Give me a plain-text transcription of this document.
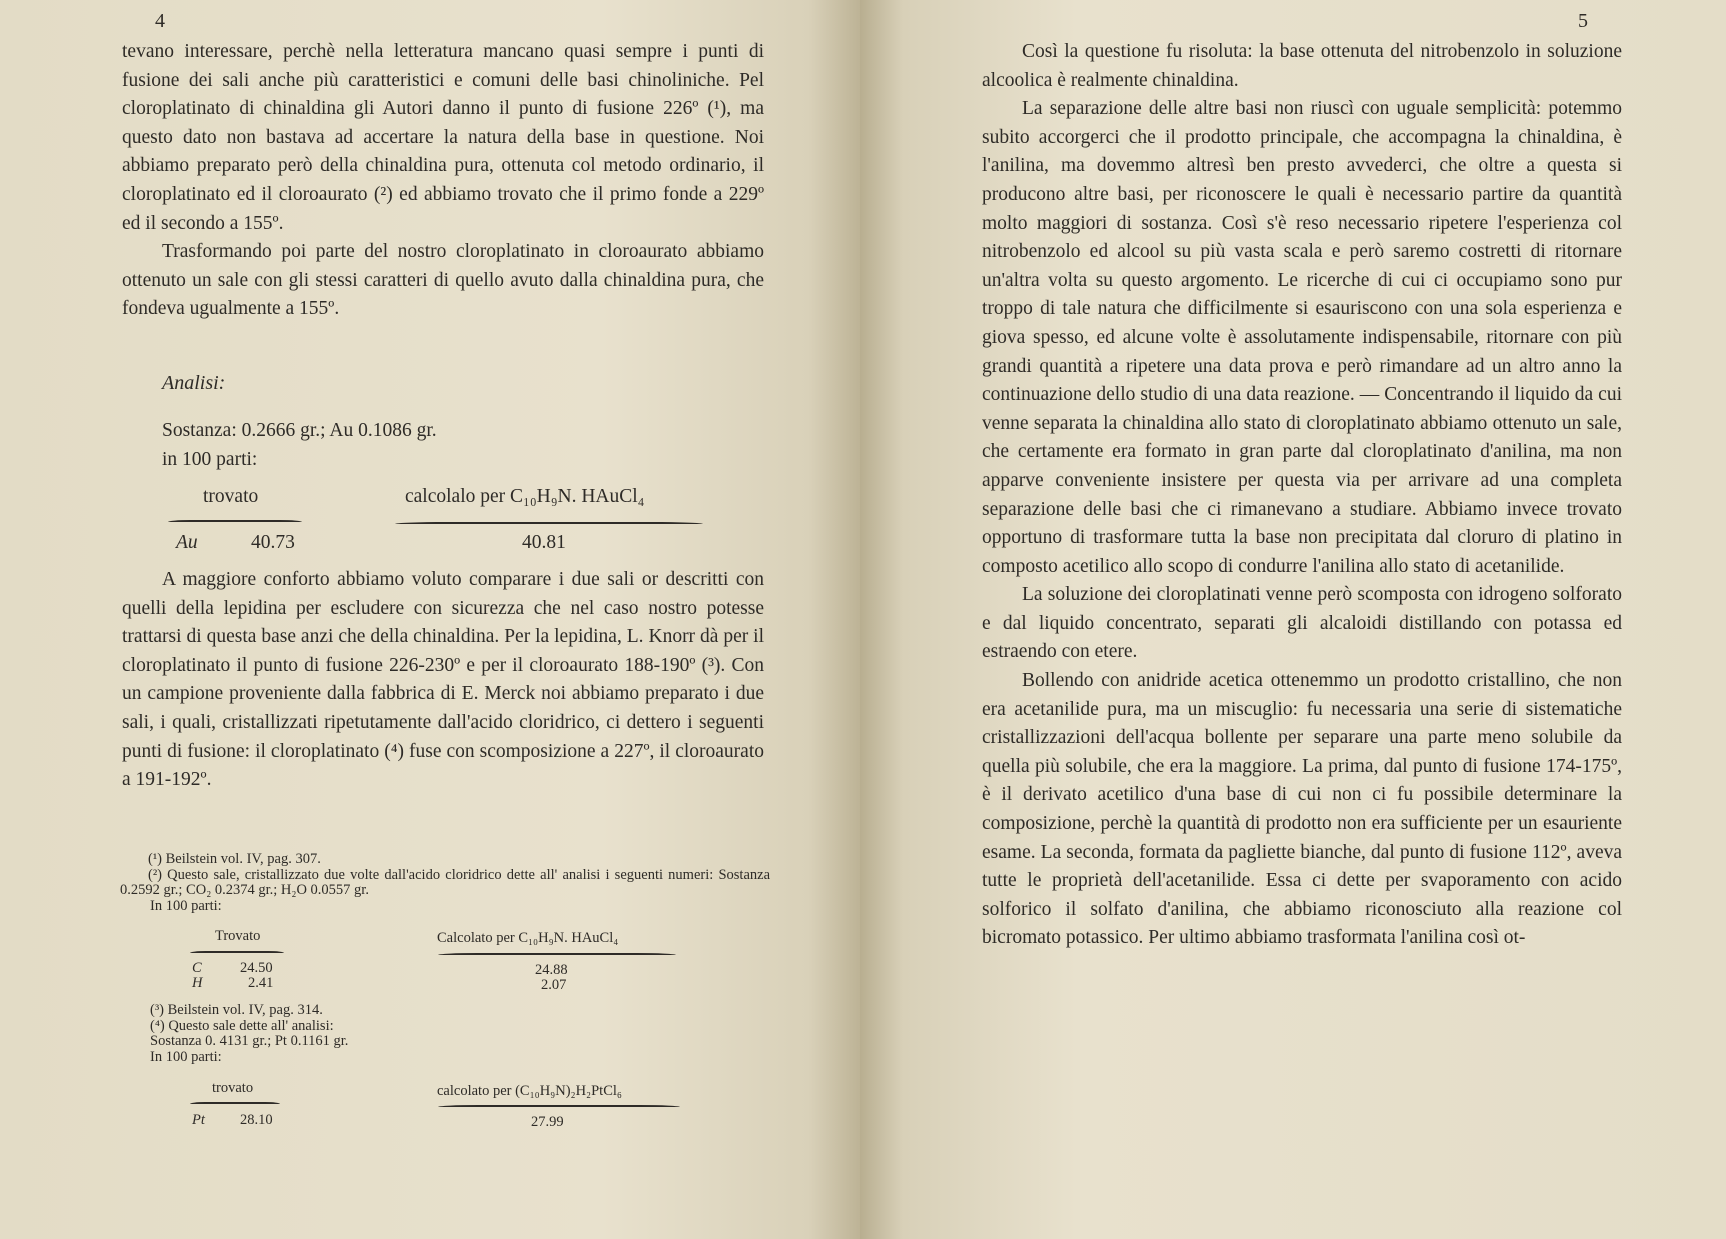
4

tevano interessare, perchè nella letteratura mancano quasi sempre i punti di fusione dei sali anche più caratteristici e comuni delle basi chinoliniche. Pel cloroplatinato di chinaldina gli Autori danno il punto di fusione 226º (¹), ma questo dato non bastava ad accertare la natura della base in questione. Noi abbiamo preparato però della chinaldina pura, ottenuta col metodo ordinario, il cloroplatinato ed il cloroaurato (²) ed abbiamo trovato che il primo fonde a 229º ed il secondo a 155º.

Trasformando poi parte del nostro cloroplatinato in cloroaurato abbiamo ottenuto un sale con gli stessi caratteri di quello avuto dalla chinaldina pura, che fondeva ugualmente a 155º.

Analisi:
Sostanza: 0.2666 gr.; Au 0.1086 gr.
in 100 parti:
trovato	calcolalo per C₁₀H₉N. HAuCl₄
Au	40.73	40.81

A maggiore conforto abbiamo voluto comparare i due sali or descritti con quelli della lepidina per escludere con sicurezza che nel caso nostro potesse trattarsi di questa base anzi che della chinaldina. Per la lepidina, L. Knorr dà per il cloroplatinato il punto di fusione 226-230º e per il cloroaurato 188-190º (³). Con un campione proveniente dalla fabbrica di E. Merck noi abbiamo preparato i due sali, i quali, cristallizzati ripetutamente dall'acido cloridrico, ci dettero i seguenti punti di fusione: il cloroplatinato (⁴) fuse con scomposizione a 227º, il cloroaurato a 191-192º.

(¹) Beilstein vol. IV, pag. 307.

(²) Questo sale, cristallizzato due volte dall'acido cloridrico dette all' analisi i seguenti numeri: Sostanza 0.2592 gr.; CO₂ 0.2374 gr.; H₂O 0.0557 gr.

In 100 parti:

Trovato	Calcolato per C₁₀H₉N. HAuCl₄
C	24.50	24.88
H	2.41	2.07

(³) Beilstein vol. IV, pag. 314.

(⁴) Questo sale dette all' analisi:

Sostanza 0. 4131 gr.; Pt 0.1161 gr.

In 100 parti:

trovato	calcolato per (C₁₀H₉N)₂H₂PtCl₆
Pt 28.10	27.99
5

Così la questione fu risoluta: la base ottenuta del nitrobenzolo in soluzione alcoolica è realmente chinaldina.

La separazione delle altre basi non riuscì con uguale semplicità: potemmo subito accorgerci che il prodotto principale, che accompagna la chinaldina, è l'anilina, ma dovemmo altresì ben presto avvederci, che oltre a questa si producono altre basi, per riconoscere le quali è necessario partire da quantità molto maggiori di sostanza. Così s'è reso necessario ripetere l'esperienza col nitrobenzolo ed alcool su più vasta scala e però saremo costretti di ritornare un'altra volta su questo argomento. Le ricerche di cui ci occupiamo sono pur troppo di tale natura che difficilmente si esauriscono con una sola esperienza e giova spesso, ed alcune volte è assolutamente indispensabile, ritornare con più grandi quantità a ripetere una data prova e però rimandare ad un altro anno la continuazione dello studio di una data reazione. — Concentrando il liquido da cui venne separata la chinaldina allo stato di cloroplatinato abbiamo ottenuto un sale, che certamente era formato in gran parte dal cloroplatinato d'anilina, ma non apparve conveniente insistere per questa via per arrivare ad una completa separazione delle basi che ci rimanevano a studiare. Abbiamo invece trovato opportuno di trasformare tutta la base non precipitata dal cloruro di platino in composto acetilico allo scopo di condurre l'anilina allo stato di acetanilide.

La soluzione dei cloroplatinati venne però scomposta con idrogeno solforato e dal liquido concentrato, separati gli alcaloidi distillando con potassa ed estraendo con etere.

Bollendo con anidride acetica ottenemmo un prodotto cristallino, che non era acetanilide pura, ma un miscuglio: fu necessaria una serie di sistematiche cristallizzazioni dell'acqua bollente per separare una parte meno solubile da quella più solubile, che era la maggiore. La prima, dal punto di fusione 174-175º, è il derivato acetilico d'una base di cui non ci fu possibile determinare la composizione, perchè la quantità di prodotto non era sufficiente per un esauriente esame. La seconda, formata da pagliette bianche, dal punto di fusione 112º, aveva tutte le proprietà dell'acetanilide. Essa ci dette per svaporamento con acido solforico il solfato d'anilina, che abbiamo riconosciuto alla reazione col bicromato potassico. Per ultimo abbiamo trasformata l'anilina così ot-
